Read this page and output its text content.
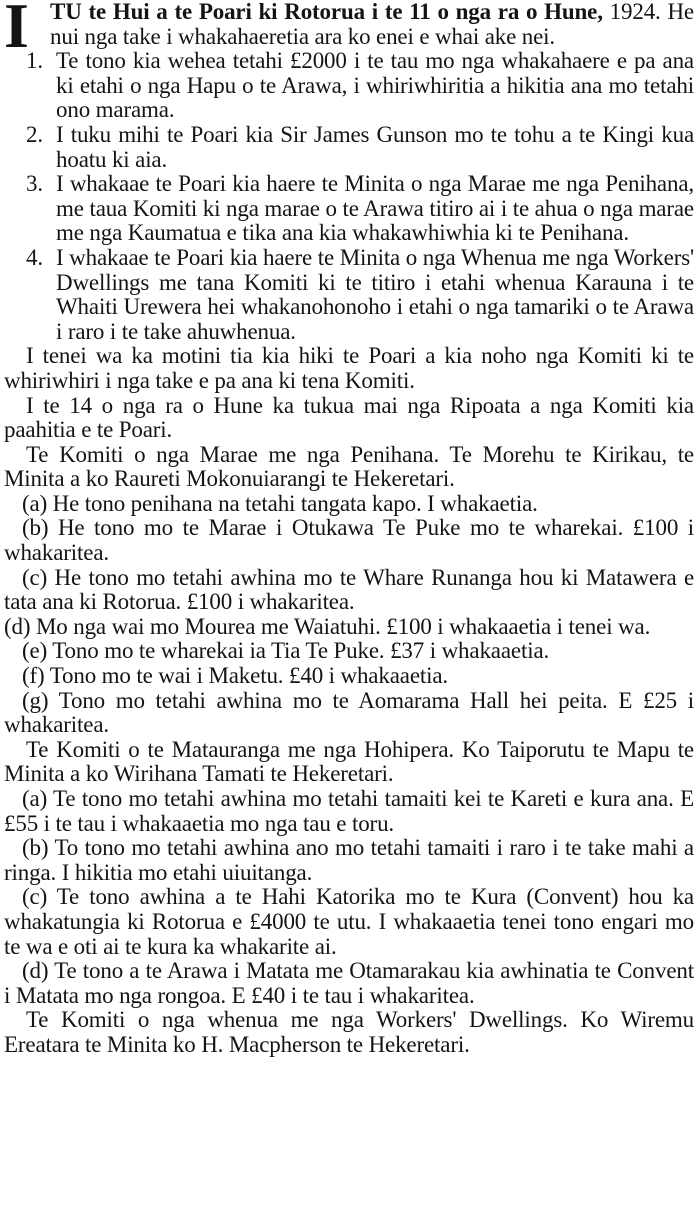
I TU te Hui a te Poari ki Rotorua i te 11 o nga ra o Hune, 1924. He nui nga take i whakahaeretia ara ko enei e whai ake nei.

1. Te tono kia wehea tetahi £2000 i te tau mo nga whakahaere e pa ana ki etahi o nga Hapu o te Arawa, i whiriwhiritia a hikitia ana mo tetahi ono marama.
2. I tuku mihi te Poari kia Sir James Gunson mo te tohu a te Kingi kua hoatu ki aia.
3. I whakaae te Poari kia haere te Minita o nga Marae me nga Penihana, me taua Komiti ki nga marae o te Arawa titiro ai i te ahua o nga marae me nga Kaumatua e tika ana kia whakawhiwhia ki te Penihana.
4. I whakaae te Poari kia haere te Minita o nga Whenua me nga Workers' Dwellings me tana Komiti ki te titiro i etahi whenua Karauna i te Whaiti Urewera hei whakanohonoho i etahi o nga tamariki o te Arawa i raro i te take ahuwhenua.

I tenei wa ka motini tia kia hiki te Poari a kia noho nga Komiti ki te whiriwhiri i nga take e pa ana ki tena Komiti.

I te 14 o nga ra o Hune ka tukua mai nga Ripoata a nga Komiti kia paahitia e te Poari.

Te Komiti o nga Marae me nga Penihana. Te Morehu te Kirikau, te Minita a ko Raureti Mokonuiarangi te Hekeretari.

(a) He tono penihana na tetahi tangata kapo. I whakaetia.

(b) He tono mo te Marae i Otukawa Te Puke mo te wharekai. £100 i whakaritea.

(c) He tono mo tetahi awhina mo te Whare Runanga hou ki Matawera e tata ana ki Rotorua. £100 i whakaritea.

(d) Mo nga wai mo Mourea me Waiatuhi. £100 i whakaaetia i tenei wa.

(e) Tono mo te wharekai ia Tia Te Puke. £37 i whakaaetia.

(f) Tono mo te wai i Maketu. £40 i whakaaetia.

(g) Tono mo tetahi awhina mo te Aomarama Hall hei peita. E £25 i whakaritea.

Te Komiti o te Matauranga me nga Hohipera. Ko Taiporutu te Mapu te Minita a ko Wirihana Tamati te Hekeretari.

(a) Te tono mo tetahi awhina mo tetahi tamaiti kei te Kareti e kura ana. E £55 i te tau i whakaaetia mo nga tau e toru.

(b) To tono mo tetahi awhina ano mo tetahi tamaiti i raro i te take mahi a ringa. I hikitia mo etahi uiuitanga.

(c) Te tono awhina a te Hahi Katorika mo te Kura (Convent) hou ka whakatungia ki Rotorua e £4000 te utu. I whakaaetia tenei tono engari mo te wa e oti ai te kura ka whakarite ai.

(d) Te tono a te Arawa i Matata me Otamarakau kia awhinatia te Convent i Matata mo nga rongoa. E £40 i te tau i whakaritea.

Te Komiti o nga whenua me nga Workers' Dwellings. Ko Wiremu Ereatara te Minita ko H. Macpherson te Hekeretari.
